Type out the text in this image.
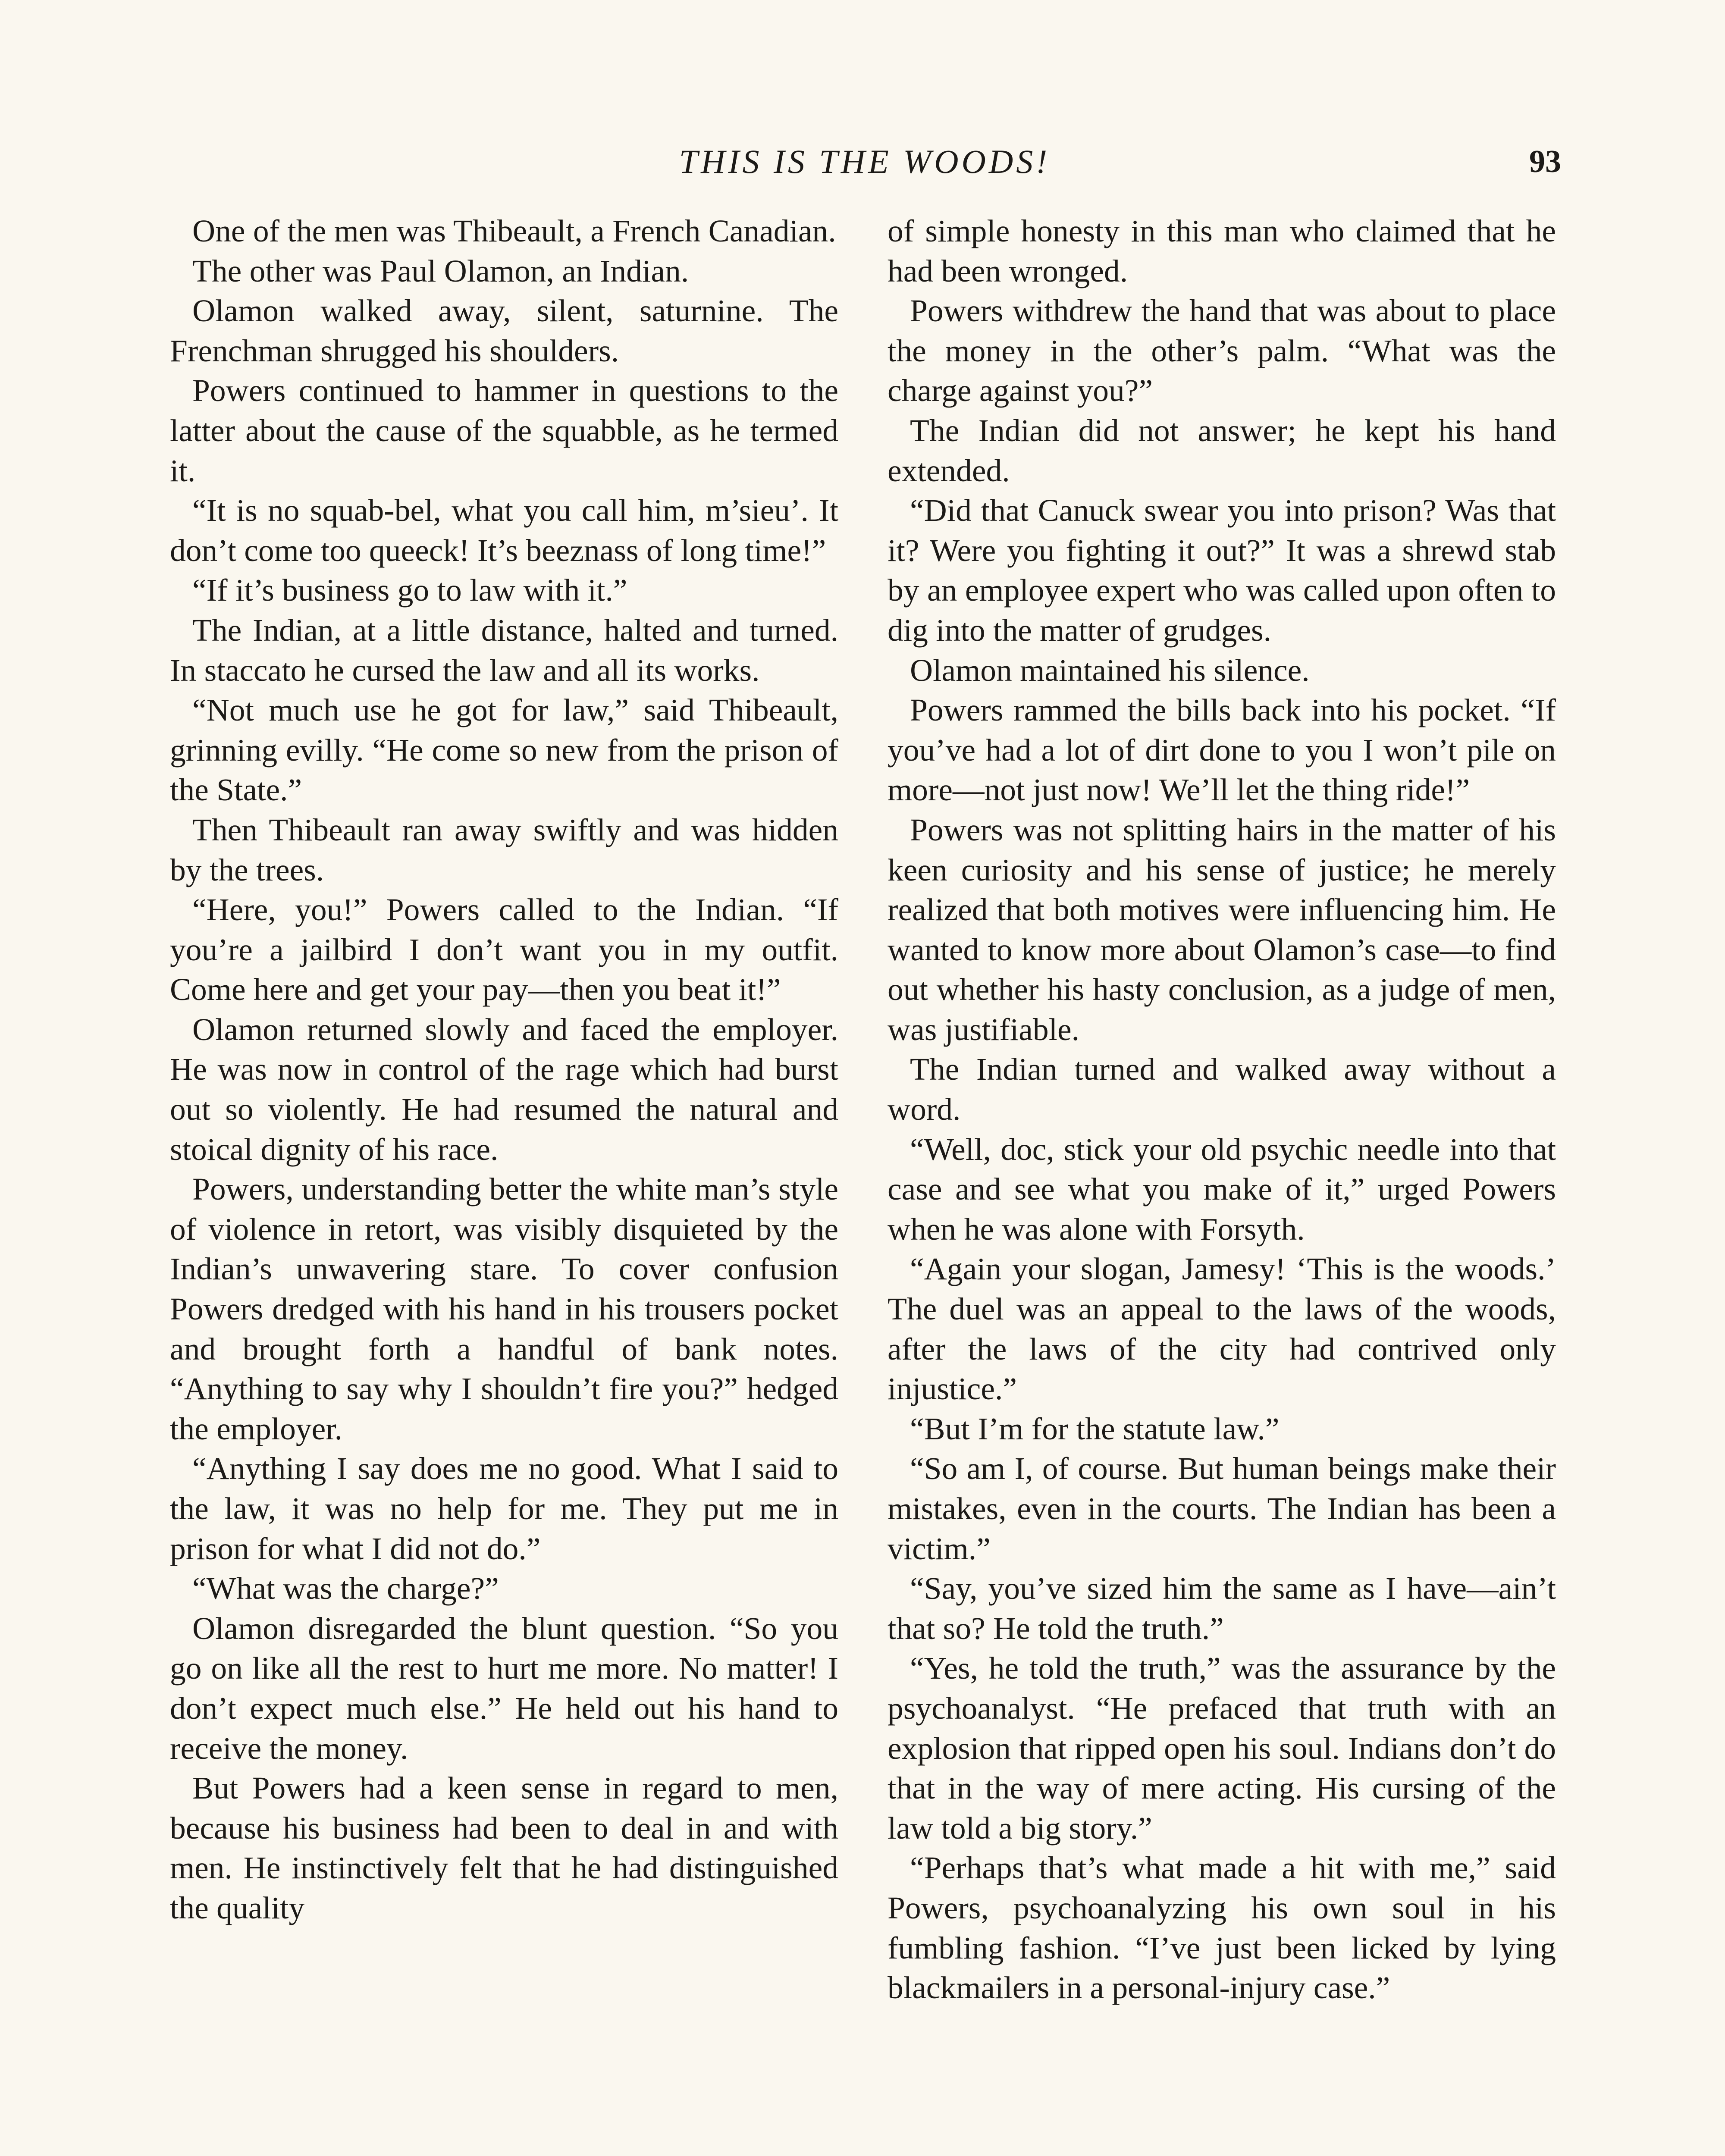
THIS IS THE WOODS!	93

One of the men was Thibeault, a French Canadian.

The other was Paul Olamon, an Indian.

Olamon walked away, silent, saturnine. The Frenchman shrugged his shoulders.

Powers continued to hammer in questions to the latter about the cause of the squabble, as he termed it.

“It is no squab-bel, what you call him, m’sieu’. It don’t come too queeck! It’s beeznass of long time!”

“If it’s business go to law with it.”

The Indian, at a little distance, halted and turned. In staccato he cursed the law and all its works.

“Not much use he got for law,” said Thibeault, grinning evilly. “He come so new from the prison of the State.”

Then Thibeault ran away swiftly and was hidden by the trees.

“Here, you!” Powers called to the Indian. “If you’re a jailbird I don’t want you in my outfit. Come here and get your pay—then you beat it!”

Olamon returned slowly and faced the employer. He was now in control of the rage which had burst out so violently. He had resumed the natural and stoical dignity of his race.

Powers, understanding better the white man’s style of violence in retort, was visibly disquieted by the Indian’s unwavering stare. To cover confusion Powers dredged with his hand in his trousers pocket and brought forth a handful of bank notes. “Anything to say why I shouldn’t fire you?” hedged the employer.

“Anything I say does me no good. What I said to the law, it was no help for me. They put me in prison for what I did not do.”

“What was the charge?”

Olamon disregarded the blunt question. “So you go on like all the rest to hurt me more. No matter! I don’t expect much else.” He held out his hand to receive the money.

But Powers had a keen sense in regard to men, because his business had been to deal in and with men. He instinctively felt that he had distinguished the quality

of simple honesty in this man who claimed that he had been wronged.

Powers withdrew the hand that was about to place the money in the other’s palm. “What was the charge against you?”

The Indian did not answer; he kept his hand extended.

“Did that Canuck swear you into prison? Was that it? Were you fighting it out?” It was a shrewd stab by an employee expert who was called upon often to dig into the matter of grudges.

Olamon maintained his silence.

Powers rammed the bills back into his pocket. “If you’ve had a lot of dirt done to you I won’t pile on more—not just now! We’ll let the thing ride!”

Powers was not splitting hairs in the matter of his keen curiosity and his sense of justice; he merely realized that both motives were influencing him. He wanted to know more about Olamon’s case—to find out whether his hasty conclusion, as a judge of men, was justifiable.

The Indian turned and walked away without a word.

“Well, doc, stick your old psychic needle into that case and see what you make of it,” urged Powers when he was alone with Forsyth.

“Again your slogan, Jamesy! ‘This is the woods.’ The duel was an appeal to the laws of the woods, after the laws of the city had contrived only injustice.”

“But I’m for the statute law.”

“So am I, of course. But human beings make their mistakes, even in the courts. The Indian has been a victim.”

“Say, you’ve sized him the same as I have—ain’t that so? He told the truth.”

“Yes, he told the truth,” was the assurance by the psychoanalyst. “He prefaced that truth with an explosion that ripped open his soul. Indians don’t do that in the way of mere acting. His cursing of the law told a big story.”

“Perhaps that’s what made a hit with me,” said Powers, psychoanalyzing his own soul in his fumbling fashion. “I’ve just been licked by lying blackmailers in a personal-injury case.”
